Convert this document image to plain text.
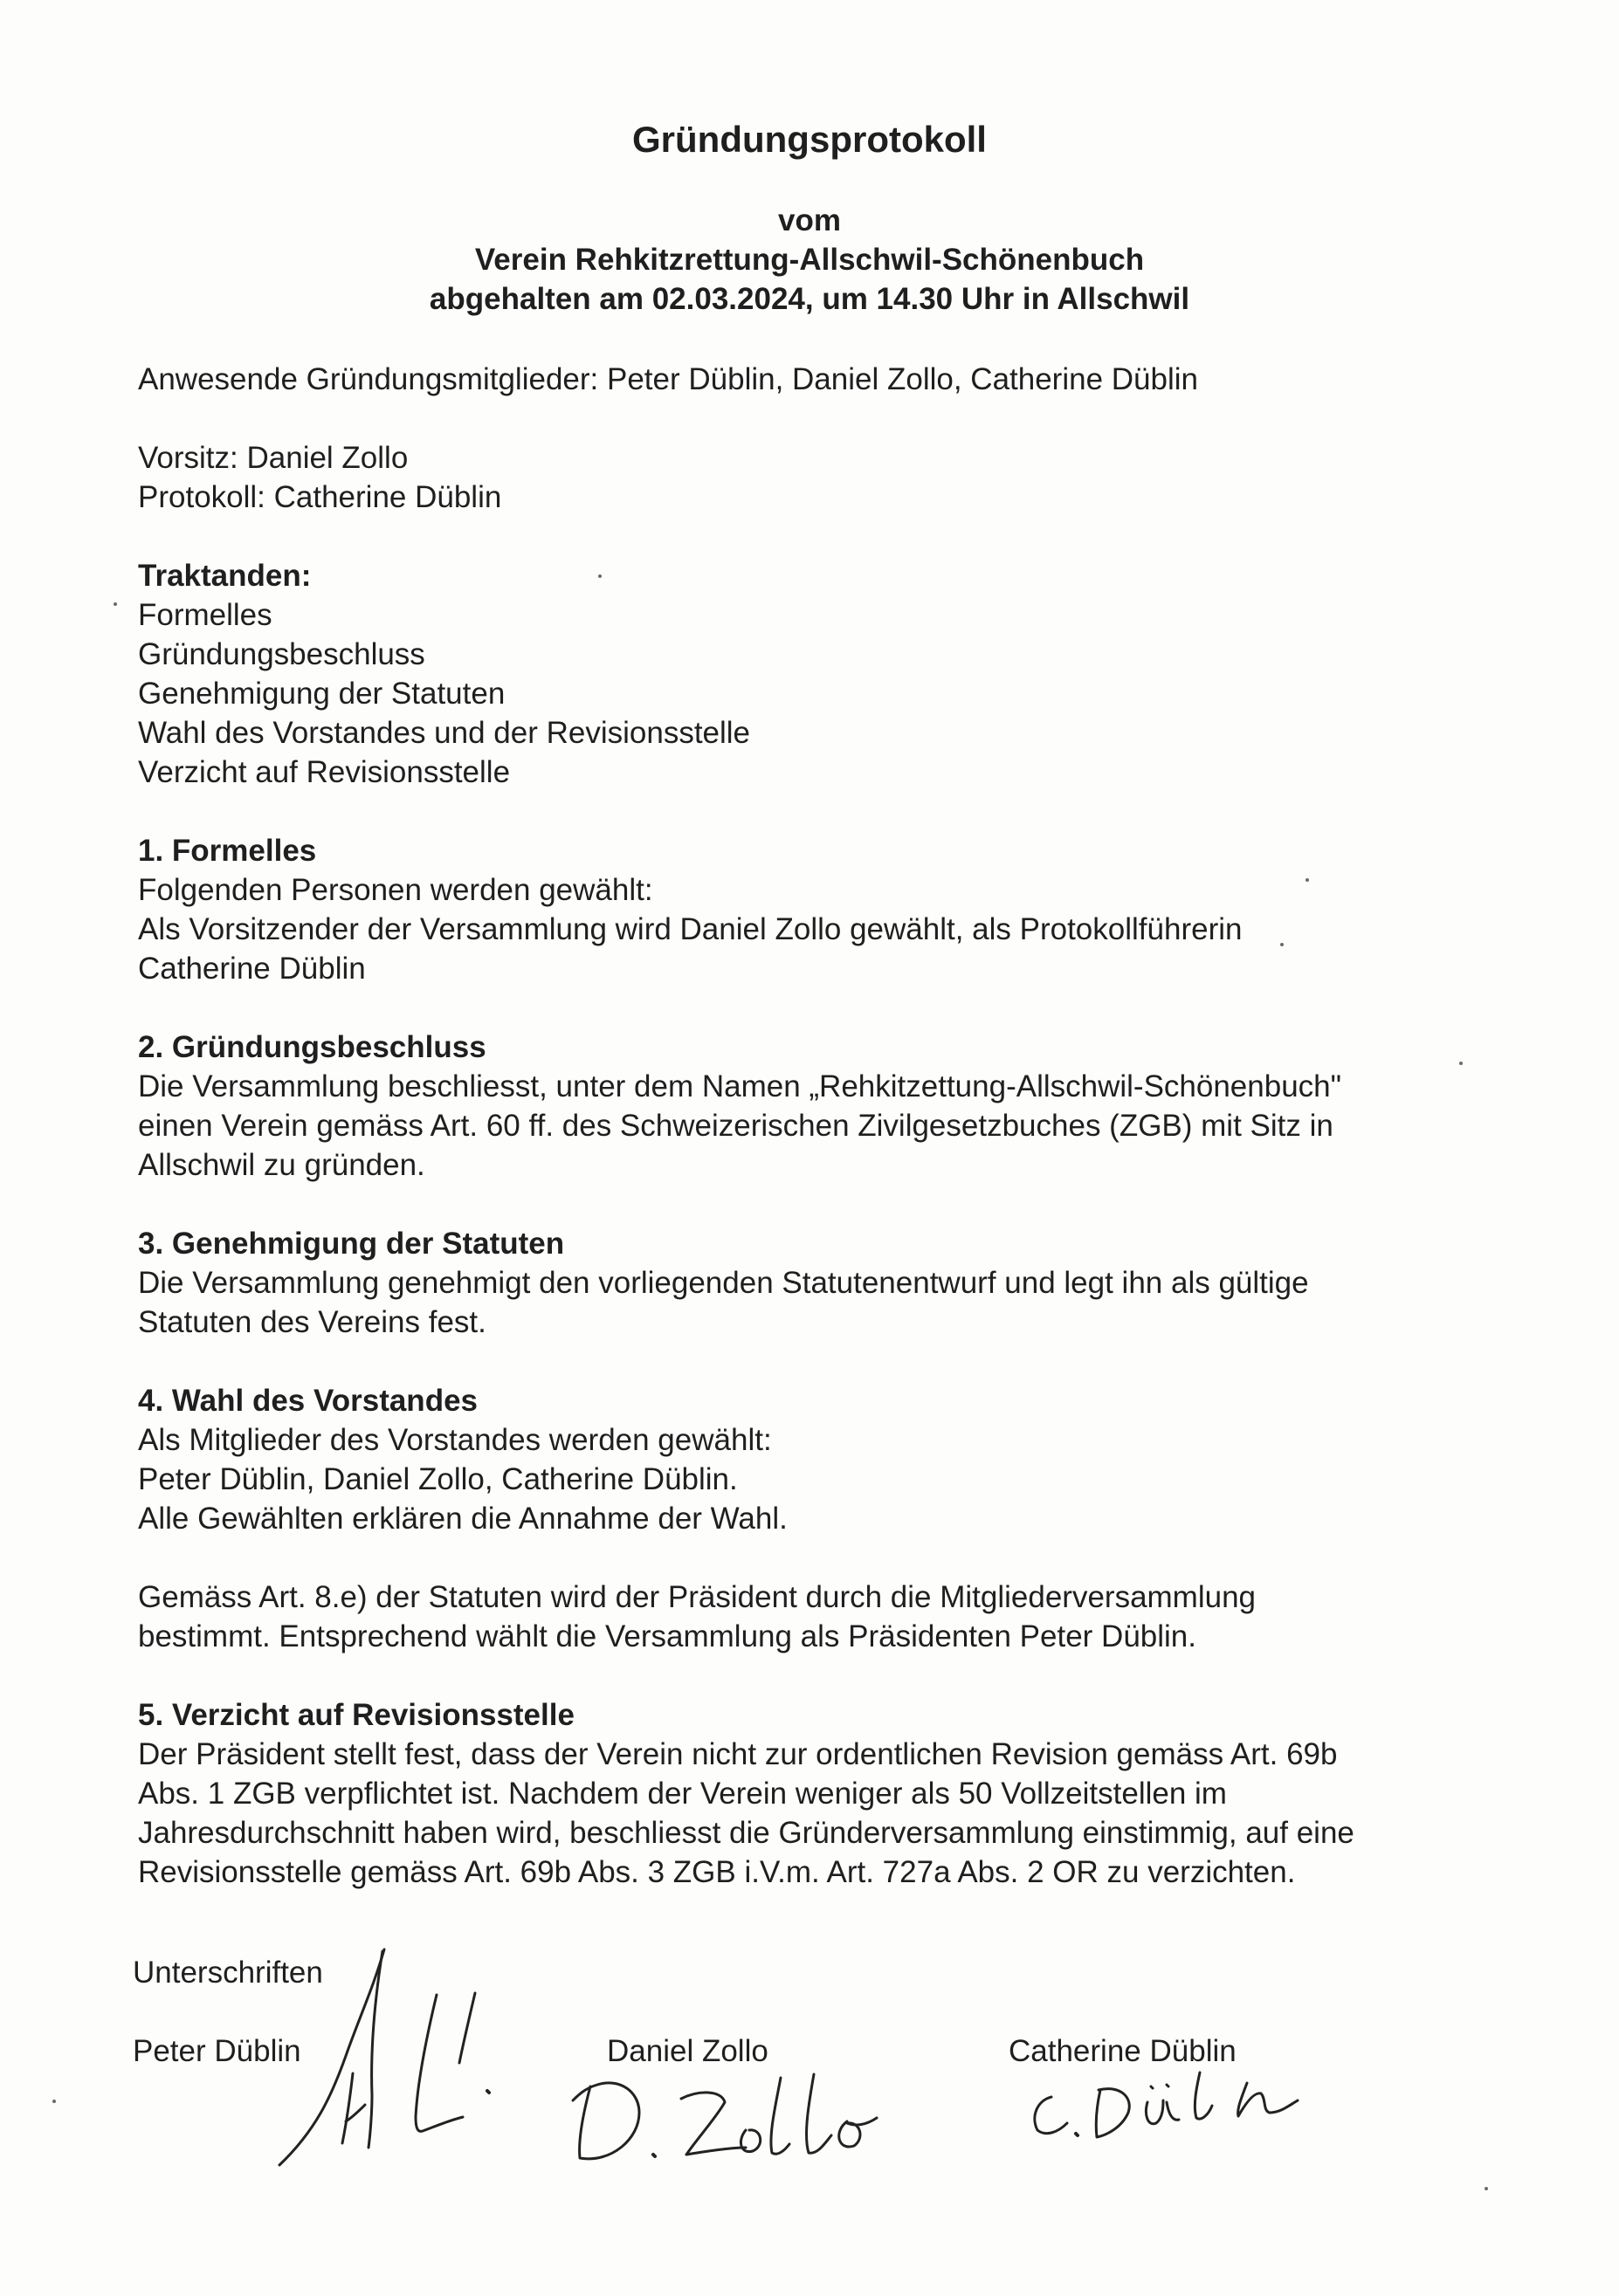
Gründungsprotokoll
vom
Verein Rehkitzrettung-Allschwil-Schönenbuch
abgehalten am 02.03.2024, um 14.30 Uhr in Allschwil
Anwesende Gründungsmitglieder: Peter Düblin, Daniel Zollo, Catherine Düblin
Vorsitz: Daniel Zollo
Protokoll: Catherine Düblin
Traktanden:
Formelles
Gründungsbeschluss
Genehmigung der Statuten
Wahl des Vorstandes und der Revisionsstelle
Verzicht auf Revisionsstelle
1. Formelles
Folgenden Personen werden gewählt:
Als Vorsitzender der Versammlung wird Daniel Zollo gewählt, als Protokollführerin
Catherine Düblin
2. Gründungsbeschluss
Die Versammlung beschliesst, unter dem Namen „Rehkitzettung-Allschwil-Schönenbuch"
einen Verein gemäss Art. 60 ff. des Schweizerischen Zivilgesetzbuches (ZGB) mit Sitz in
Allschwil zu gründen.
3. Genehmigung der Statuten
Die Versammlung genehmigt den vorliegenden Statutenentwurf und legt ihn als gültige
Statuten des Vereins fest.
4. Wahl des Vorstandes
Als Mitglieder des Vorstandes werden gewählt:
Peter Düblin, Daniel Zollo, Catherine Düblin.
Alle Gewählten erklären die Annahme der Wahl.
Gemäss Art. 8.e) der Statuten wird der Präsident durch die Mitgliederversammlung
bestimmt. Entsprechend wählt die Versammlung als Präsidenten Peter Düblin.
5. Verzicht auf Revisionsstelle
Der Präsident stellt fest, dass der Verein nicht zur ordentlichen Revision gemäss Art. 69b
Abs. 1 ZGB verpflichtet ist. Nachdem der Verein weniger als 50 Vollzeitstellen im
Jahresdurchschnitt haben wird, beschliesst die Gründerversammlung einstimmig, auf eine
Revisionsstelle gemäss Art. 69b Abs. 3 ZGB i.V.m. Art. 727a Abs. 2 OR zu verzichten.
Unterschriften
Peter Düblin	Daniel Zollo	Catherine Düblin
